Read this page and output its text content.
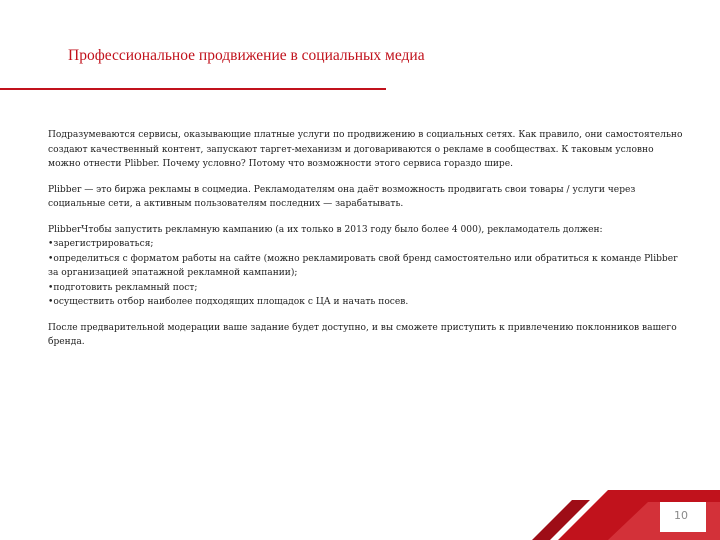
Профессиональное продвижение в социальных медиа

Подразумеваются сервисы, оказывающие платные услуги по продвижению в социальных сетях. Как правило, они самостоятельно создают качественный контент, запускают таргет-механизм и договариваются о рекламе в сообществах. К таковым условно можно отнести Plibber. Почему условно? Потому что возможности этого сервиса гораздо шире.

Plibber — это биржа рекламы в соцмедиа. Рекламодателям она даёт возможность продвигать свои товары / услуги через социальные сети, а активным пользователям последних — зарабатывать.

PlibberЧтобы запустить рекламную кампанию (а их только в 2013 году было более 4 000), рекламодатель должен:
•зарегистрироваться;
•определиться с форматом работы на сайте (можно рекламировать свой бренд самостоятельно или обратиться к команде Plibber за организацией эпатажной рекламной кампании);
•подготовить рекламный пост;
•осуществить отбор наиболее подходящих площадок с ЦА и начать посев.

После предварительной модерации ваше задание будет доступно, и вы сможете приступить к привлечению поклонников вашего бренда.

10
